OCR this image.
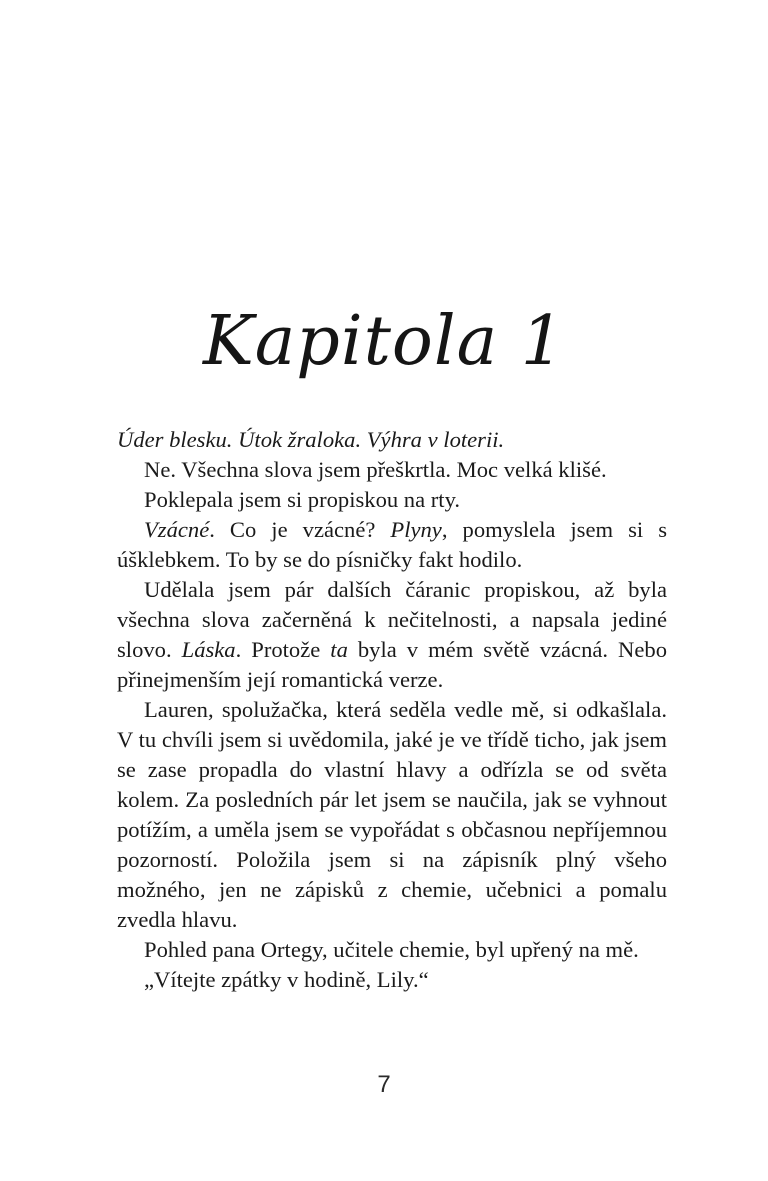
Kapitola 1

Úder blesku. Útok žraloka. Výhra v loterii.

Ne. Všechna slova jsem přeškrtla. Moc velká klišé.

Poklepala jsem si propiskou na rty.

Vzácné. Co je vzácné? Plyny, pomyslela jsem si s úšklebkem. To by se do písničky fakt hodilo.

Udělala jsem pár dalších čáranic propiskou, až byla všechna slova začerněná k nečitelnosti, a napsala jediné slovo. Láska. Protože ta byla v mém světě vzácná. Nebo přinejmenším její romantická verze.

Lauren, spolužačka, která seděla vedle mě, si odkašlala. V tu chvíli jsem si uvědomila, jaké je ve třídě ticho, jak jsem se zase propadla do vlastní hlavy a odřízla se od světa kolem. Za posledních pár let jsem se naučila, jak se vyhnout potížím, a uměla jsem se vypořádat s občasnou nepříjemnou pozorností. Položila jsem si na zápisník plný všeho možného, jen ne zápisků z chemie, učebnici a pomalu zvedla hlavu.

Pohled pana Ortegy, učitele chemie, byl upřený na mě.

„Vítejte zpátky v hodině, Lily.“

7
